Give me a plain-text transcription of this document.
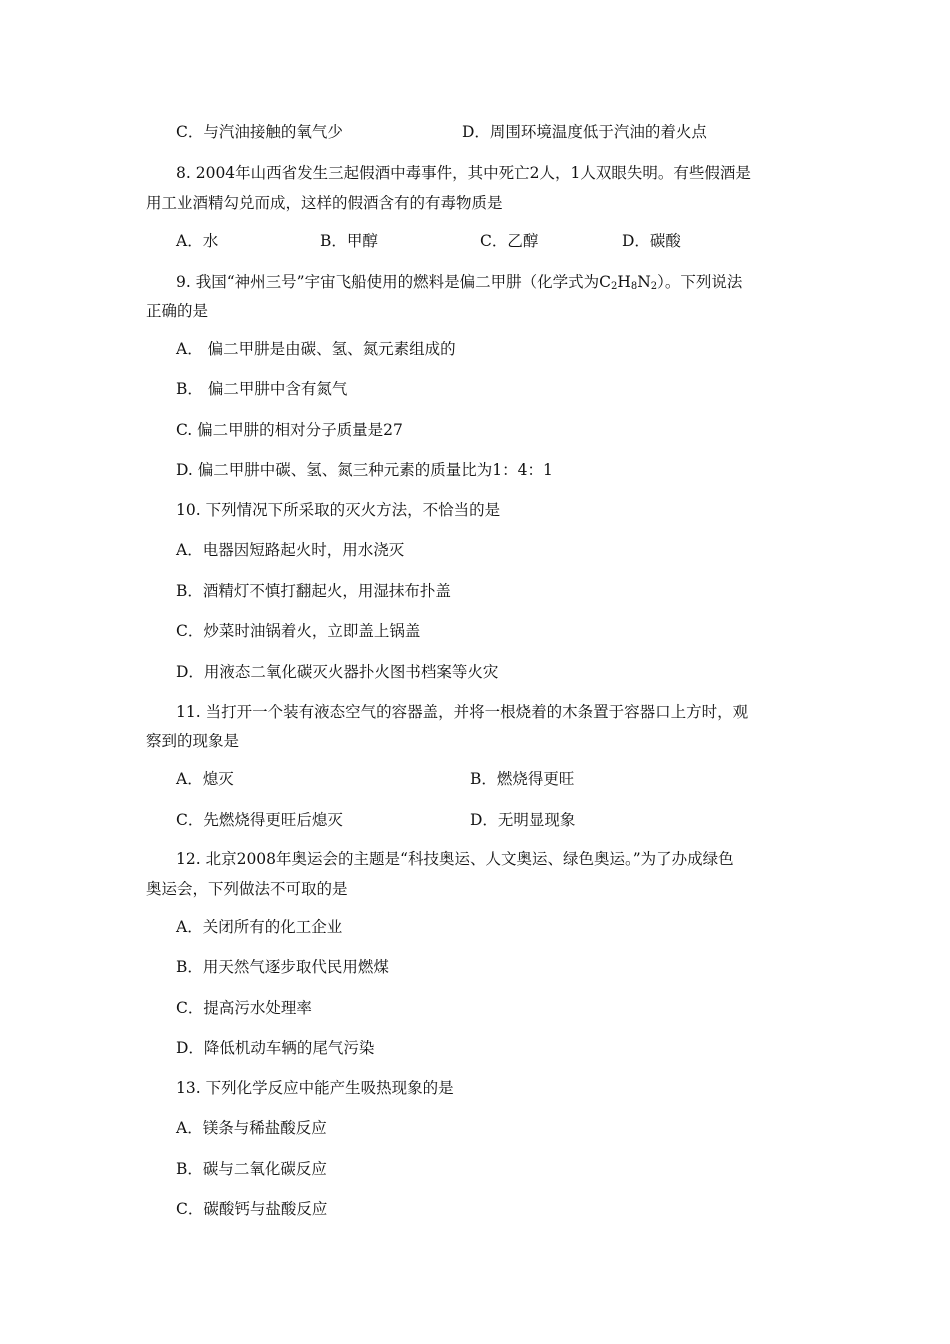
C．与汽油接触的氧气少	D．周围环境温度低于汽油的着火点
8. 2004年山西省发生三起假酒中毒事件，其中死亡2人，1人双眼失明。有些假酒是
用工业酒精勾兑而成，这样的假酒含有的有毒物质是
A．水	B．甲醇	C．乙醇	D．碳酸
9. 我国“神州三号”宇宙飞船使用的燃料是偏二甲肼（化学式为$C_2H_8N_2$）。下列说法
正确的是
A． 偏二甲肼是由碳、氢、氮元素组成的
B． 偏二甲肼中含有氮气
C. 偏二甲肼的相对分子质量是27
D. 偏二甲肼中碳、氢、氮三种元素的质量比为1：4：1
10. 下列情况下所采取的灭火方法，不恰当的是
A．电器因短路起火时，用水浇灭
B．酒精灯不慎打翻起火，用湿抹布扑盖
C．炒菜时油锅着火，立即盖上锅盖
D．用液态二氧化碳灭火器扑火图书档案等火灾
11. 当打开一个装有液态空气的容器盖，并将一根烧着的木条置于容器口上方时，观
察到的现象是
A．熄灭	B．燃烧得更旺
C．先燃烧得更旺后熄灭	D．无明显现象
12. 北京2008年奥运会的主题是“科技奥运、人文奥运、绿色奥运。”为了办成绿色
奥运会，下列做法不可取的是
A．关闭所有的化工企业
B．用天然气逐步取代民用燃煤
C．提高污水处理率
D．降低机动车辆的尾气污染
13. 下列化学反应中能产生吸热现象的是
A．镁条与稀盐酸反应
B．碳与二氧化碳反应
C．碳酸钙与盐酸反应
